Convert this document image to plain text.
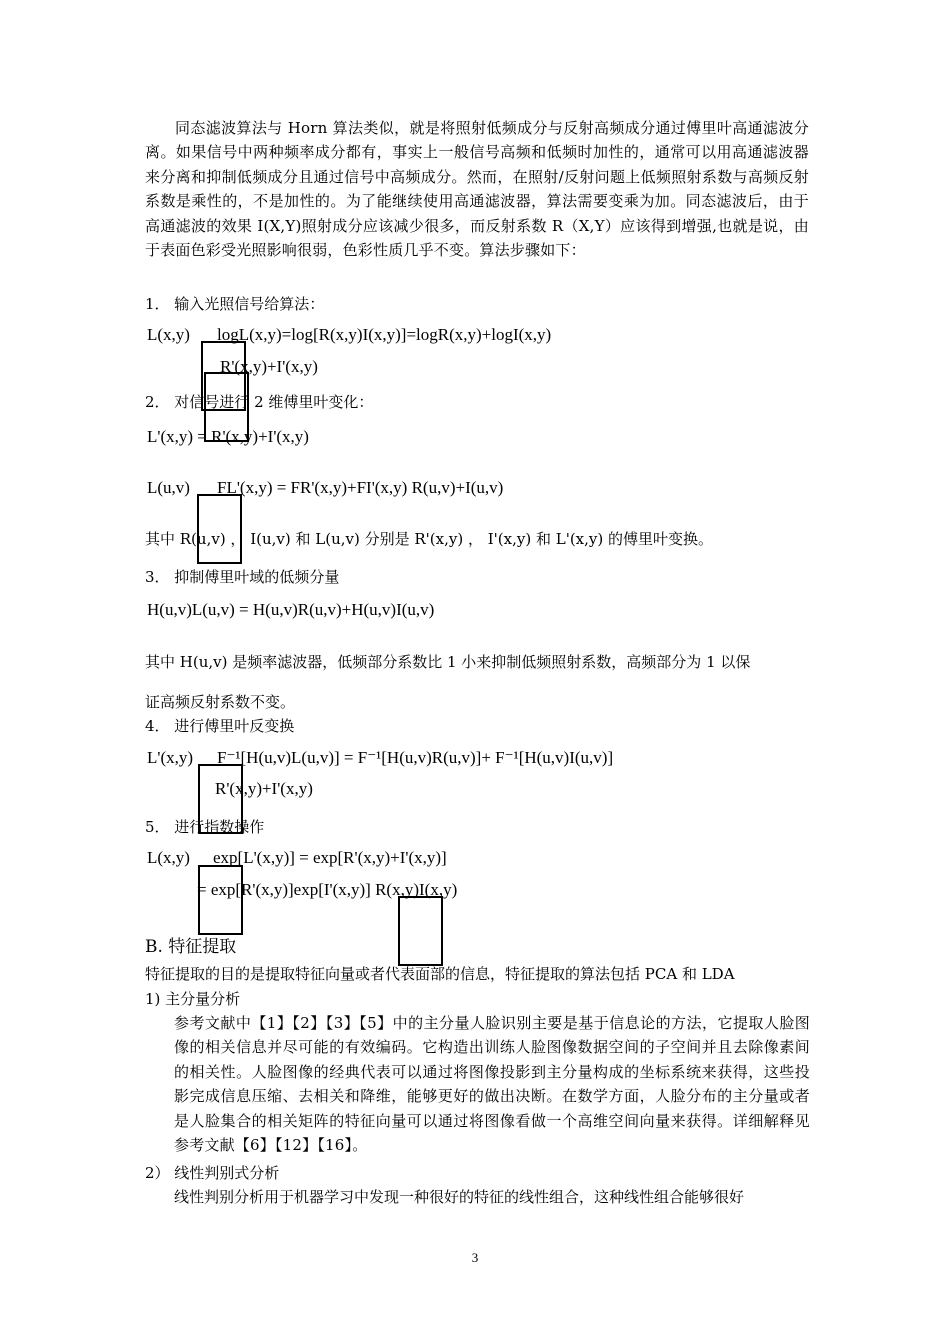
同态滤波算法与 Horn 算法类似，就是将照射低频成分与反射高频成分通过傅里叶高通滤波分离。如果信号中两种频率成分都有，事实上一般信号高频和低频时加性的，通常可以用高通滤波器来分离和抑制低频成分且通过信号中高频成分。然而，在照射/反射问题上低频照射系数与高频反射系数是乘性的，不是加性的。为了能继续使用高通滤波器，算法需要变乘为加。同态滤波后，由于高通滤波的效果 I(X,Y)照射成分应该减少很多，而反射系数 R（X,Y）应该得到增强,也就是说，由于表面色彩受光照影响很弱，色彩性质几乎不变。算法步骤如下：
1． 输入光照信号给算法：
L(x,y) logL(x,y)=log[R(x,y)I(x,y)]=logR(x,y)+logI(x,y)
R'(x,y)+I'(x,y)
2． 对信号进行 2 维傅里叶变化：
L'(x,y) = R'(x,y)+I'(x,y)
L(u,v) FL'(x,y) = FR'(x,y)+FI'(x,y) R(u,v)+I(u,v)
其中 R(u,v) ， I(u,v) 和 L(u,v) 分别是 R'(x,y) ， I'(x,y) 和 L'(x,y) 的傅里叶变换。
3． 抑制傅里叶域的低频分量
H(u,v)L(u,v) = H(u,v)R(u,v)+H(u,v)I(u,v)
其中 H(u,v) 是频率滤波器，低频部分系数比 1 小来抑制低频照射系数，高频部分为 1 以保
证高频反射系数不变。
4． 进行傅里叶反变换
L'(x,y) F⁻¹[H(u,v)L(u,v)] = F⁻¹[H(u,v)R(u,v)]+ F⁻¹[H(u,v)I(u,v)]
R'(x,y)+I'(x,y)
5． 进行指数操作
L(x,y) exp[L'(x,y)] = exp[R'(x,y)+I'(x,y)]
= exp[R'(x,y)]exp[I'(x,y)] R(x,y)I(x,y)
B. 特征提取
特征提取的目的是提取特征向量或者代表面部的信息，特征提取的算法包括 PCA 和 LDA
1) 主分量分析
参考文献中【1】【2】【3】【5】中的主分量人脸识别主要是基于信息论的方法，它提取人脸图像的相关信息并尽可能的有效编码。它构造出训练人脸图像数据空间的子空间并且去除像素间的相关性。人脸图像的经典代表可以通过将图像投影到主分量构成的坐标系统来获得，这些投影完成信息压缩、去相关和降维，能够更好的做出决断。在数学方面，人脸分布的主分量或者是人脸集合的相关矩阵的特征向量可以通过将图像看做一个高维空间向量来获得。详细解释见参考文献【6】【12】【16】。
2） 线性判别式分析
线性判别分析用于机器学习中发现一种很好的特征的线性组合，这种线性组合能够很好
3
